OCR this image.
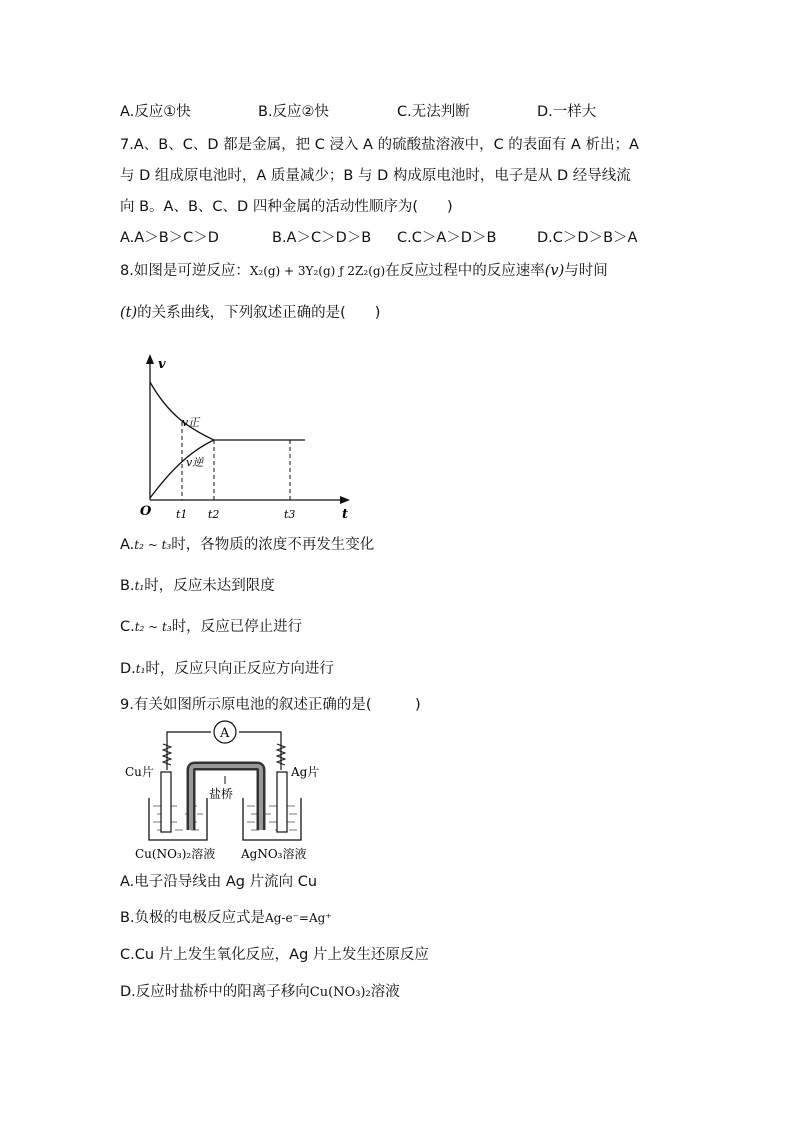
A.反应①快	B.反应②快	C.无法判断	D.一样大
7.A、B、C、D 都是金属，把 C 浸入 A 的硫酸盐溶液中，C 的表面有 A 析出；A
与 D 组成原电池时，A 质量减少；B 与 D 构成原电池时，电子是从 D 经导线流
向 B。A、B、C、D 四种金属的活动性顺序为(　　)
A.A＞B＞C＞D	B.A＞C＞D＞B C.C＞A＞D＞B	D.C＞D＞B＞A
8.如图是可逆反应：X₂(g) + 3Y₂(g) ƒ 2Z₂(g)在反应过程中的反应速率(v)与时间
(t)的关系曲线，下列叙述正确的是(　　)
v
t
O
v正
v逆
t1 t2	t3
A.t₂ ~ t₃时，各物质的浓度不再发生变化
B.t₁时，反应未达到限度
C.t₂ ~ t₃时，反应已停止进行
D.t₁时，反应只向正反应方向进行
9.有关如图所示原电池的叙述正确的是(　　　)
A
盐桥
Cu片	Ag片
Cu(NO₃)₂溶液 AgNO₃溶液
A.电子沿导线由 Ag 片流向 Cu
B.负极的电极反应式是Ag-e⁻=Ag⁺
C.Cu 片上发生氧化反应，Ag 片上发生还原反应
D.反应时盐桥中的阳离子移向Cu(NO₃)₂溶液
